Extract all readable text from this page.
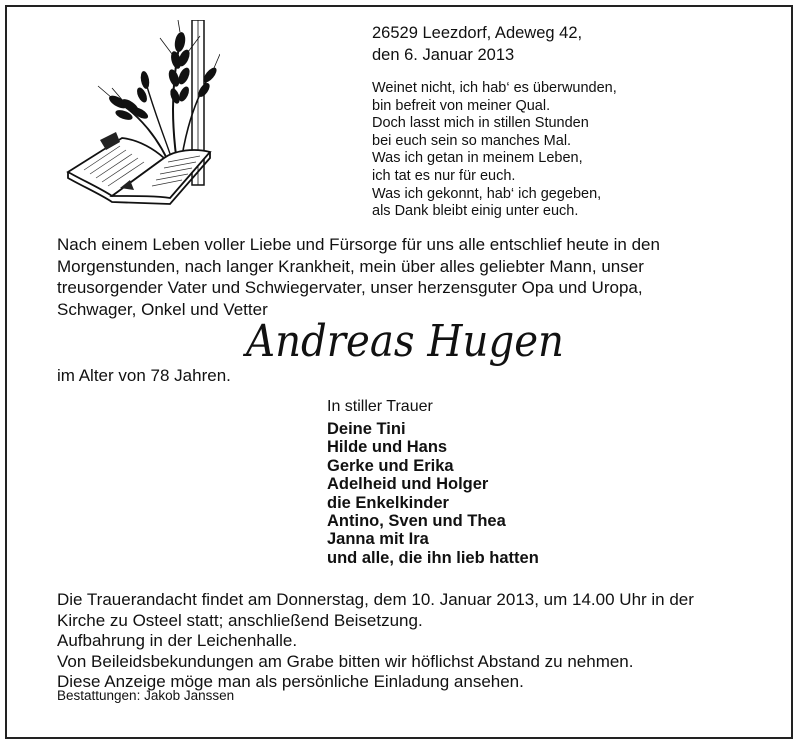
26529 Leezdorf, Adeweg 42,
den 6. Januar 2013
Weinet nicht, ich hab‘ es überwunden,
bin befreit von meiner Qual.
Doch lasst mich in stillen Stunden
bei euch sein so manches Mal.
Was ich getan in meinem Leben,
ich tat es nur für euch.
Was ich gekonnt, hab‘ ich gegeben,
als Dank bleibt einig unter euch.
Nach einem Leben voller Liebe und Fürsorge für uns alle entschlief heute in den
Morgenstunden, nach langer Krankheit, mein über alles geliebter Mann, unser
treusorgender Vater und Schwiegervater, unser herzensguter Opa und Uropa,
Schwager, Onkel und Vetter
Andreas Hugen
im Alter von 78 Jahren.
In stiller Trauer
Deine Tini
Hilde und Hans
Gerke und Erika
Adelheid und Holger
die Enkelkinder
Antino, Sven und Thea
Janna mit Ira
und alle, die ihn lieb hatten
Die Trauerandacht findet am Donnerstag, dem 10. Januar 2013, um 14.00 Uhr in der
Kirche zu Osteel statt; anschließend Beisetzung.
Aufbahrung in der Leichenhalle.
Von Beileidsbekundungen am Grabe bitten wir höflichst Abstand zu nehmen.
Diese Anzeige möge man als persönliche Einladung ansehen.
Bestattungen: Jakob Janssen
